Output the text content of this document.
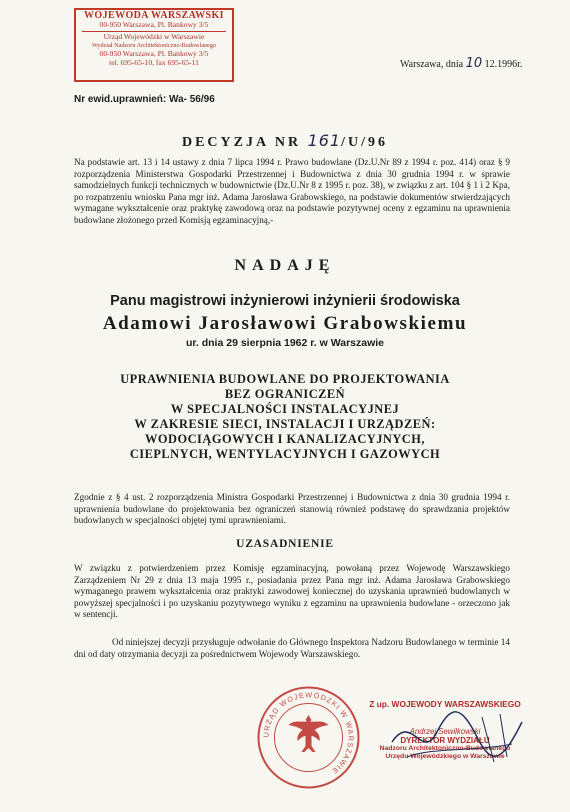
WOJEWODA WARSZAWSKI
00-950 Warszawa, Pl. Bankowy 3/5
Urząd Wojewódzki w Warszawie
Wydział Nadzoru Architektoniczno-Budowlanego
00-950 Warszawa, Pl. Bankowy 3/5
tel. 695-65-10, fax 695-65-11	Warszawa, dnia 10 12.1996r.
Nr ewid.uprawnień: Wa- 56/96
DECYZJA NR 161/U/96
Na podstawie art. 13 i 14 ustawy z dnia 7 lipca 1994 r. Prawo budowlane (Dz.U.Nr 89 z 1994 r. poz. 414) oraz § 9 rozporządzenia Ministerstwa Gospodarki Przestrzennej i Budownictwa z dnia 30 grudnia 1994 r. w sprawie samodzielnych funkcji technicznych w budownictwie (Dz.U.Nr 8 z 1995 r. poz. 38), w związku z art. 104 § 1 i 2 Kpa, po rozpatrzeniu wniosku Pana mgr inż. Adama Jarosława Grabowskiego, na podstawie dokumentów stwierdzających wymagane wykształcenie oraz praktykę zawodową oraz na podstawie pozytywnej oceny z egzaminu na uprawnienia budowlane złożonego przed Komisją egzaminacyjną,-
NADAJĘ
Panu magistrowi inżynierowi inżynierii środowiska
Adamowi Jarosławowi Grabowskiemu
ur. dnia 29 sierpnia 1962 r. w Warszawie
UPRAWNIENIA BUDOWLANE DO PROJEKTOWANIA
BEZ OGRANICZEŃ
W SPECJALNOŚCI INSTALACYJNEJ
W ZAKRESIE SIECI, INSTALACJI I URZĄDZEŃ:
WODOCIĄGOWYCH I KANALIZACYJNYCH,
CIEPLNYCH, WENTYLACYJNYCH I GAZOWYCH
Zgodnie z § 4 ust. 2 rozporządzenia Ministra Gospodarki Przestrzennej i Budownictwa z dnia 30 grudnia 1994 r. uprawnienia budowlane do projektowania bez ograniczeń stanowią również podstawę do sprawdzania projektów budowlanych w specjalności objętej tymi uprawnieniami.
UZASADNIENIE
W związku z potwierdzeniem przez Komisję egzaminacyjną, powołaną przez Wojewodę Warszawskiego Zarządzeniem Nr 29 z dnia 13 maja 1995 r., posiadania przez Pana mgr inż. Adama Jarosława Grabowskiego wymaganego prawem wykształcenia oraz praktyki zawodowej koniecznej do uzyskania uprawnień budowlanych w powyższej specjalności i po uzyskaniu pozytywnego wyniku z egzaminu na uprawnienia budowlane - orzeczono jak w sentencji.
Od niniejszej decyzji przysługuje odwołanie do Głównego Inspektora Nadzoru Budowlanego w terminie 14 dni od daty otrzymania decyzji za pośrednictwem Wojewody Warszawskiego.
URZĄD WOJEWÓDZKI W WARSZAWIE
Z up. WOJEWODY WARSZAWSKIEGO
Andrzej Sewilkowski
DYREKTOR WYDZIAŁU
Nadzoru Architektoniczno-Budowlanego
Urzędu Wojewódzkiego w Warszawie
